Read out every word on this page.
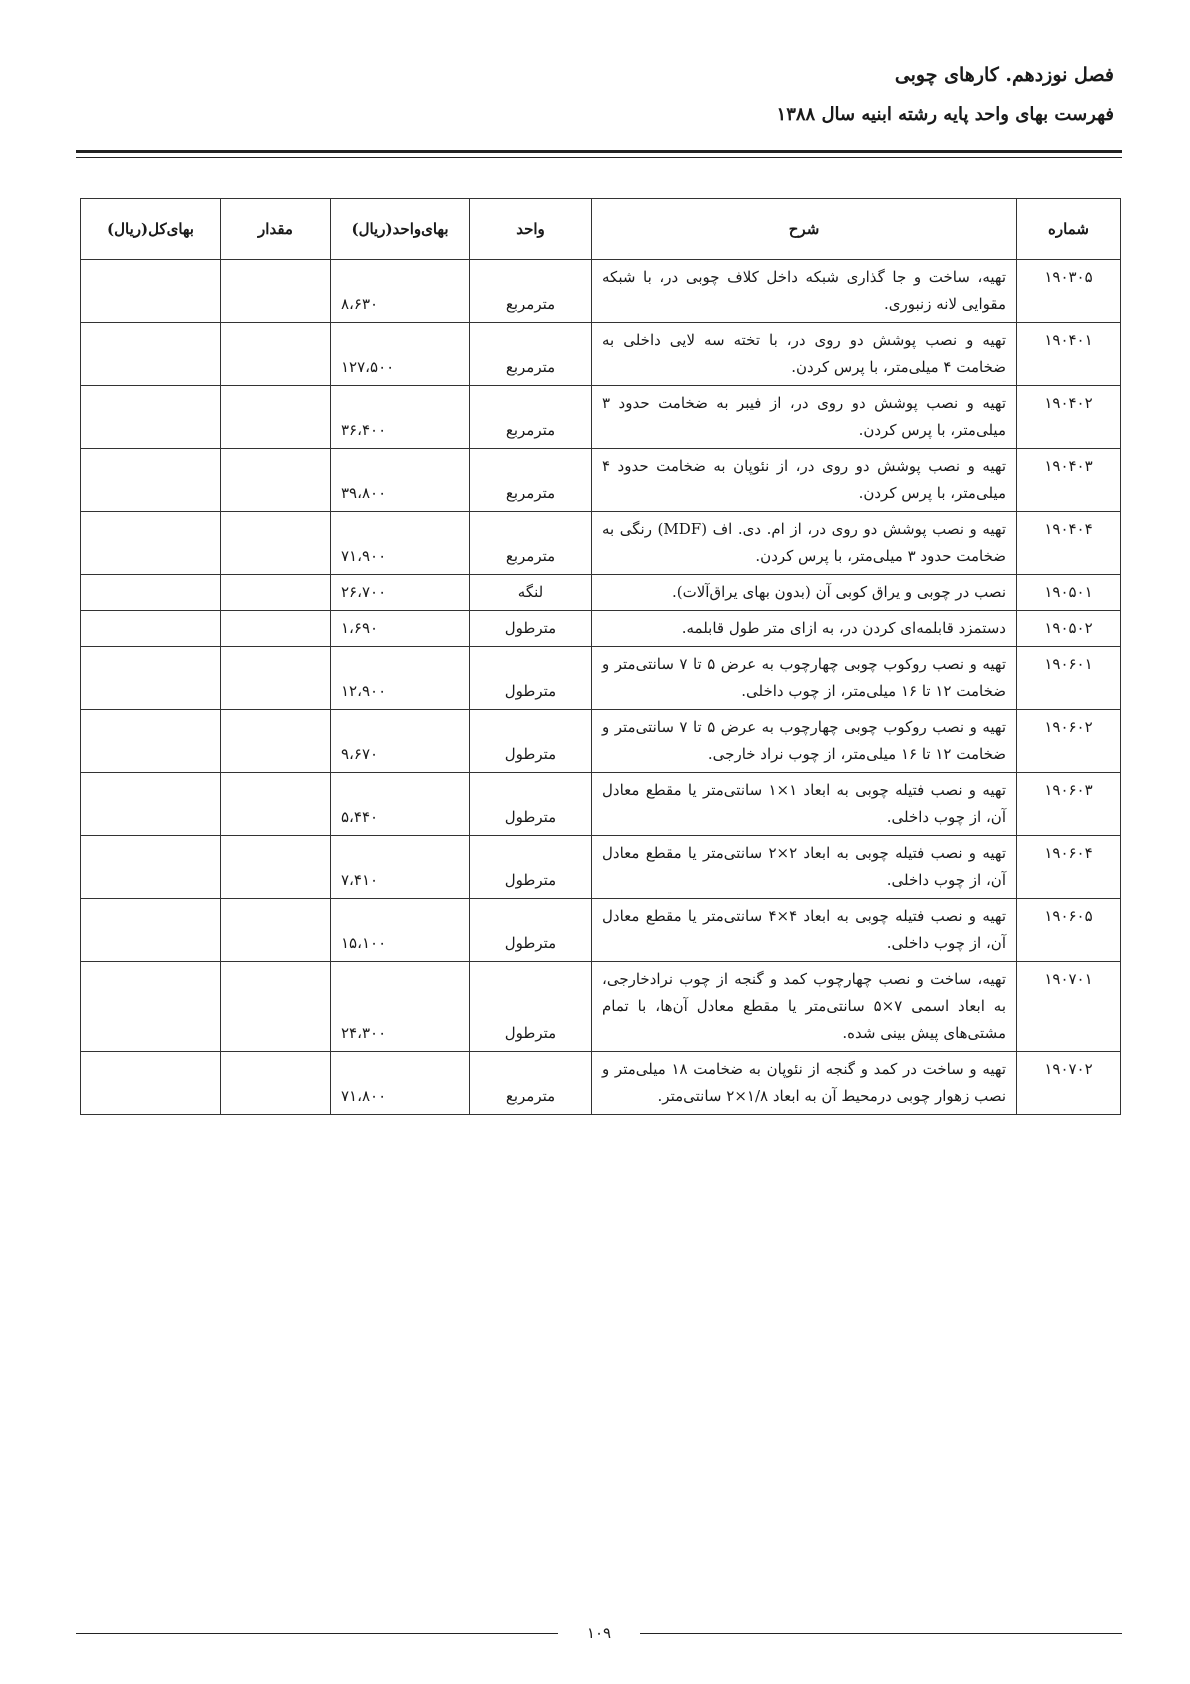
فصل نوزدهم. کارهای چوبی
فهرست بهای واحد پایه رشته ابنیه سال ۱۳۸۸
شماره	شرح	واحد	بهای‌واحد(ریال)	مقدار	بهای‌کل(ریال)
۱۹۰۳۰۵	تهیه، ساخت و جا گذاری شبکه داخل کلاف چوبی در، با شبکه مقوایی لانه زنبوری.	مترمربع	۸،۶۳۰		
۱۹۰۴۰۱	تهیه و نصب پوشش دو روی در، با تخته سه لایی داخلی به ضخامت ۴ میلی‌متر، با پرس کردن.	مترمربع	۱۲۷،۵۰۰		
۱۹۰۴۰۲	تهیه و نصب پوشش دو روی در، از فیبر به ضخامت حدود ۳ میلی‌متر، با پرس کردن.	مترمربع	۳۶،۴۰۰		
۱۹۰۴۰۳	تهیه و نصب پوشش دو روی در، از نئوپان به ضخامت حدود ۴ میلی‌متر، با پرس کردن.	مترمربع	۳۹،۸۰۰		
۱۹۰۴۰۴	تهیه و نصب پوشش دو روی در، از ام. دی. اف (MDF) رنگی به ضخامت حدود ۳ میلی‌متر، با پرس کردن.	مترمربع	۷۱،۹۰۰		
۱۹۰۵۰۱	نصب در چوبی و یراق کوبی آن (بدون بهای یراق‌آلات).	لنگه	۲۶،۷۰۰		
۱۹۰۵۰۲	دستمزد قابلمه‌ای کردن در، به ازای متر طول قابلمه.	مترطول	۱،۶۹۰		
۱۹۰۶۰۱	تهیه و نصب روکوب چوبی چهارچوب به عرض ۵ تا ۷ سانتی‌متر و ضخامت ۱۲ تا ۱۶ میلی‌متر، از چوب داخلی.	مترطول	۱۲،۹۰۰		
۱۹۰۶۰۲	تهیه و نصب روکوب چوبی چهارچوب به عرض ۵ تا ۷ سانتی‌متر و ضخامت ۱۲ تا ۱۶ میلی‌متر، از چوب نراد خارجی.	مترطول	۹،۶۷۰		
۱۹۰۶۰۳	تهیه و نصب فتیله چوبی به ابعاد ۱×۱ سانتی‌متر یا مقطع معادل آن، از چوب داخلی.	مترطول	۵،۴۴۰		
۱۹۰۶۰۴	تهیه و نصب فتیله چوبی به ابعاد ۲×۲ سانتی‌متر یا مقطع معادل آن، از چوب داخلی.	مترطول	۷،۴۱۰		
۱۹۰۶۰۵	تهیه و نصب فتیله چوبی به ابعاد ۴×۴ سانتی‌متر یا مقطع معادل آن، از چوب داخلی.	مترطول	۱۵،۱۰۰		
۱۹۰۷۰۱	تهیه، ساخت و نصب چهارچوب کمد و گنجه از چوب نرادخارجی، به ابعاد اسمی ۷×۵ سانتی‌متر یا مقطع معادل آن‌ها، با تمام مشتی‌های پیش بینی شده.	مترطول	۲۴،۳۰۰		
۱۹۰۷۰۲	تهیه و ساخت در کمد و گنجه از نئوپان به ضخامت ۱۸ میلی‌متر و نصب زهوار چوبی درمحیط آن به ابعاد ۱/۸×۲ سانتی‌متر.	مترمربع	۷۱،۸۰۰		
۱۰۹
